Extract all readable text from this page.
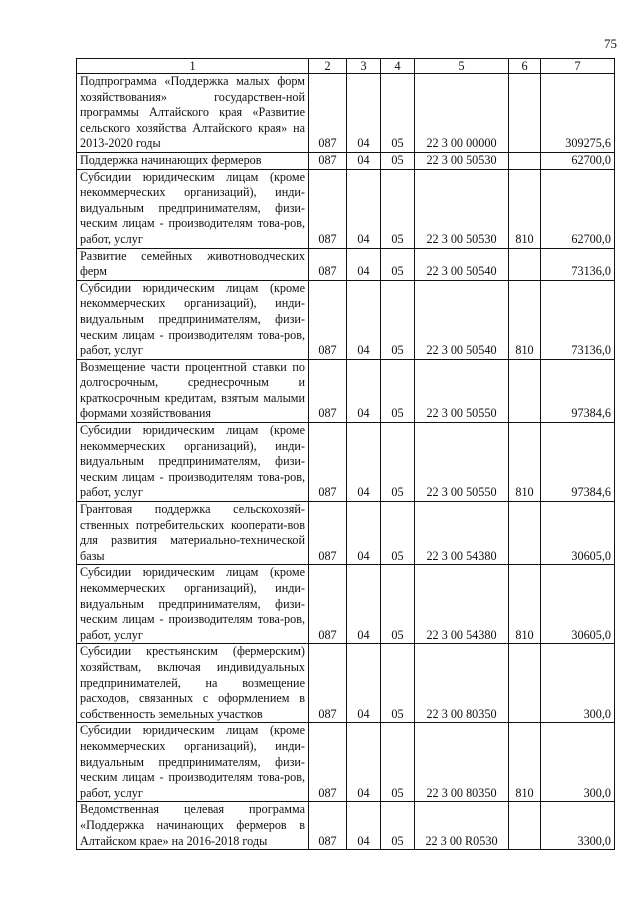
75
1	2	3	4	5	6	7
Подпрограмма «Поддержка малых форм хозяйствования» государствен-ной программы Алтайского края «Развитие сельского хозяйства Алтайского края» на 2013-2020 годы	087	04	05	22 3 00 00000		309275,6
Поддержка начинающих фермеров	087	04	05	22 3 00 50530		62700,0
Субсидии юридическим лицам (кроме некоммерческих организаций), инди-видуальным предпринимателям, физи-ческим лицам - производителям това-ров, работ, услуг	087	04	05	22 3 00 50530	810	62700,0
Развитие семейных животноводческих ферм	087	04	05	22 3 00 50540		73136,0
Субсидии юридическим лицам (кроме некоммерческих организаций), инди-видуальным предпринимателям, физи-ческим лицам - производителям това-ров, работ, услуг	087	04	05	22 3 00 50540	810	73136,0
Возмещение части процентной ставки по долгосрочным, среднесрочным и краткосрочным кредитам, взятым малыми формами хозяйствования	087	04	05	22 3 00 50550		97384,6
Субсидии юридическим лицам (кроме некоммерческих организаций), инди-видуальным предпринимателям, физи-ческим лицам - производителям това-ров, работ, услуг	087	04	05	22 3 00 50550	810	97384,6
Грантовая поддержка сельскохозяй-ственных потребительских кооперати-вов для развития материально-технической базы	087	04	05	22 3 00 54380		30605,0
Субсидии юридическим лицам (кроме некоммерческих организаций), инди-видуальным предпринимателям, физи-ческим лицам - производителям това-ров, работ, услуг	087	04	05	22 3 00 54380	810	30605,0
Субсидии крестьянским (фермерским) хозяйствам, включая индивидуальных предпринимателей, на возмещение расходов, связанных с оформлением в собственность земельных участков	087	04	05	22 3 00 80350		300,0
Субсидии юридическим лицам (кроме некоммерческих организаций), инди-видуальным предпринимателям, физи-ческим лицам - производителям това-ров, работ, услуг	087	04	05	22 3 00 80350	810	300,0
Ведомственная целевая программа «Поддержка начинающих фермеров в Алтайском крае» на 2016-2018 годы	087	04	05	22 3 00 R0530		3300,0
